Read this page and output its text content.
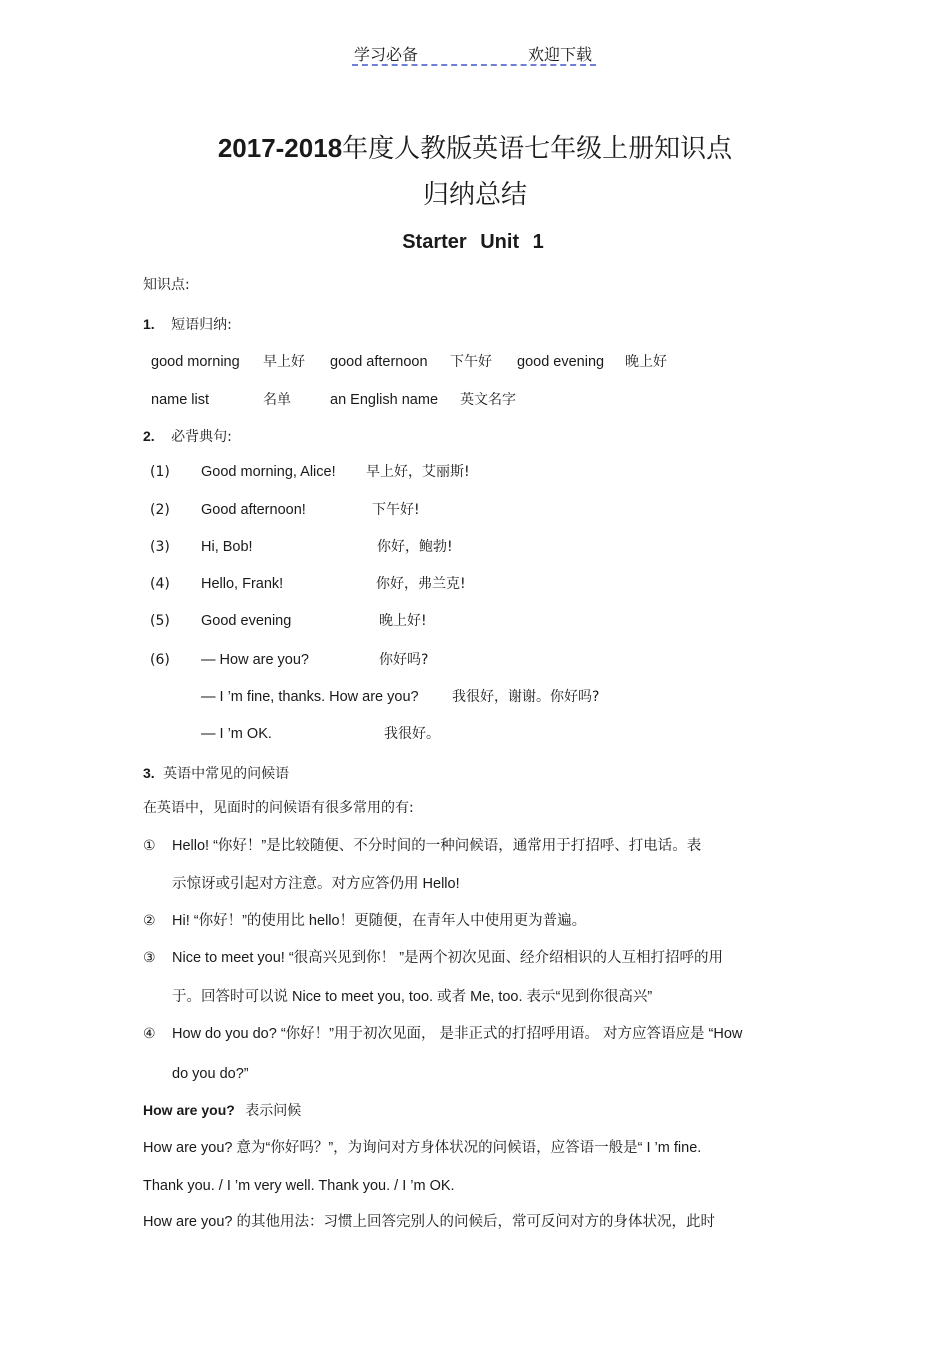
学习必备	欢迎下载
2017-2018年度人教版英语七年级上册知识点
归纳总结
Starter Unit 1
知识点:
1. 短语归纳:
good morning 早上好 good afternoon 下午好 good evening 晚上好
name list	名单	an English name 英文名字
2. 必背典句:
(1) Good morning, Alice! 早上好，艾丽斯!
(2) Good afternoon!	下午好!
(3) Hi, Bob!	你好，鲍勃!
(4) Hello, Frank!	你好，弗兰克!
(5) Good evening	晚上好!
(6) — How are you?	你好吗?
— I ’m fine, thanks. How are you? 我很好，谢谢。你好吗?
— I ’m OK.	我很好。
3. 英语中常见的问候语
在英语中，见面时的问候语有很多常用的有:
① Hello! “你好！”是比较随便、不分时间的一种问候语，通常用于打招呼、打电话。表
示惊讶或引起对方注意。对方应答仍用 Hello!
② Hi! “你好！”的使用比 hello！更随便，在青年人中使用更为普遍。
③ Nice to meet you! “很高兴见到你！ ”是两个初次见面、经介绍相识的人互相打招呼的用
于。回答时可以说 Nice to meet you, too. 或者 Me, too. 表示“见到你很高兴”
④ How do you do? “你好！”用于初次见面， 是非正式的打招呼用语。 对方应答语应是 “How
do you do?”
How are you? 表示问候
How are you? 意为“你好吗？”，为询问对方身体状况的问候语，应答语一般是“ I ’m fine.
Thank you. / I ’m very well. Thank you. / I ’m OK.
How are you? 的其他用法：习惯上回答完别人的问候后，常可反问对方的身体状况，此时
